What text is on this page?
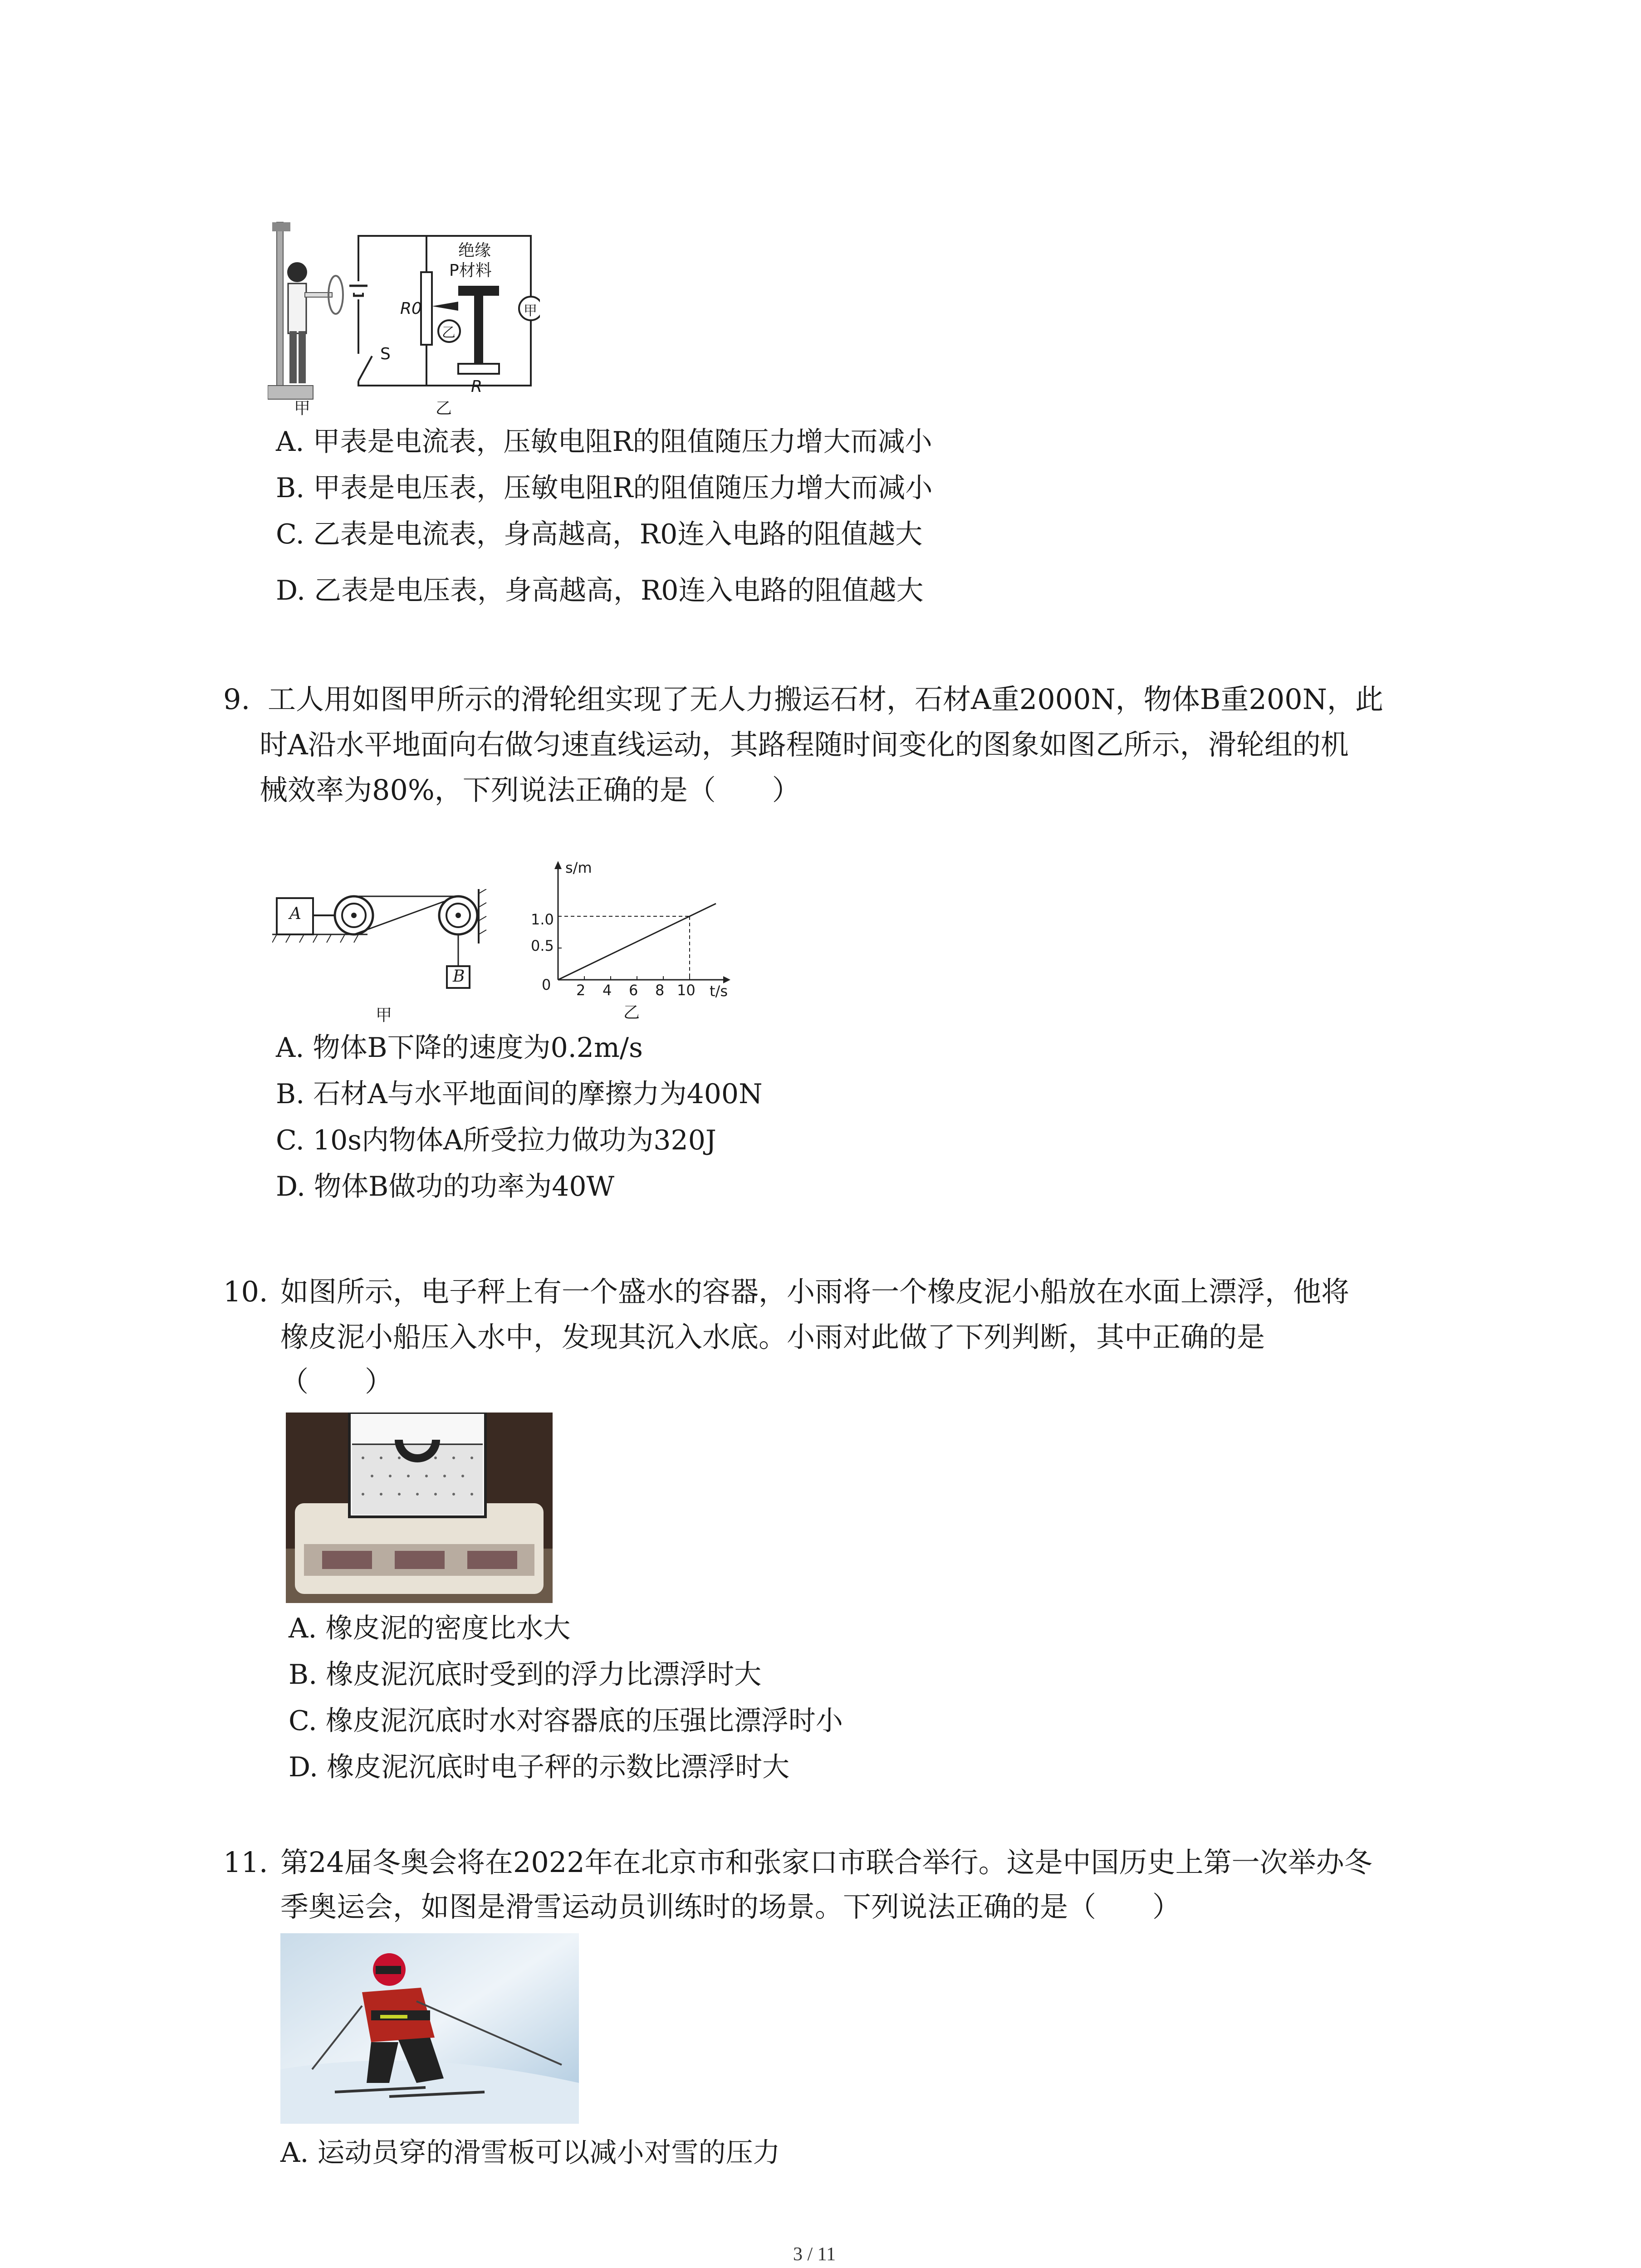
绝缘
P材料
R0
乙
甲
S
R
甲	乙
A. 甲表是电流表，压敏电阻R的阻值随压力增大而减小
B. 甲表是电压表，压敏电阻R的阻值随压力增大而减小
C. 乙表是电流表，身高越高，R0连入电路的阻值越大
D. 乙表是电压表，身高越高，R0连入电路的阻值越大
9. 工人用如图甲所示的滑轮组实现了无人力搬运石材，石材A重2000N，物体B重200N，此
时A沿水平地面向右做匀速直线运动，其路程随时间变化的图象如图乙所示，滑轮组的机
械效率为80%，下列说法正确的是（　　）
A
B
甲
s/m
t/s
0
1.0
0.5
2 4 6 8 10
乙
A. 物体B下降的速度为0.2m/s
B. 石材A与水平地面间的摩擦力为400N
C. 10s内物体A所受拉力做功为320J
D. 物体B做功的功率为40W
10. 如图所示，电子秤上有一个盛水的容器，小雨将一个橡皮泥小船放在水面上漂浮，他将
橡皮泥小船压入水中，发现其沉入水底。小雨对此做了下列判断，其中正确的是
（　　）
A. 橡皮泥的密度比水大
B. 橡皮泥沉底时受到的浮力比漂浮时大
C. 橡皮泥沉底时水对容器底的压强比漂浮时小
D. 橡皮泥沉底时电子秤的示数比漂浮时大
11. 第24届冬奥会将在2022年在北京市和张家口市联合举行。这是中国历史上第一次举办冬
季奥运会，如图是滑雪运动员训练时的场景。下列说法正确的是（　　）
A. 运动员穿的滑雪板可以减小对雪的压力
3 / 11
